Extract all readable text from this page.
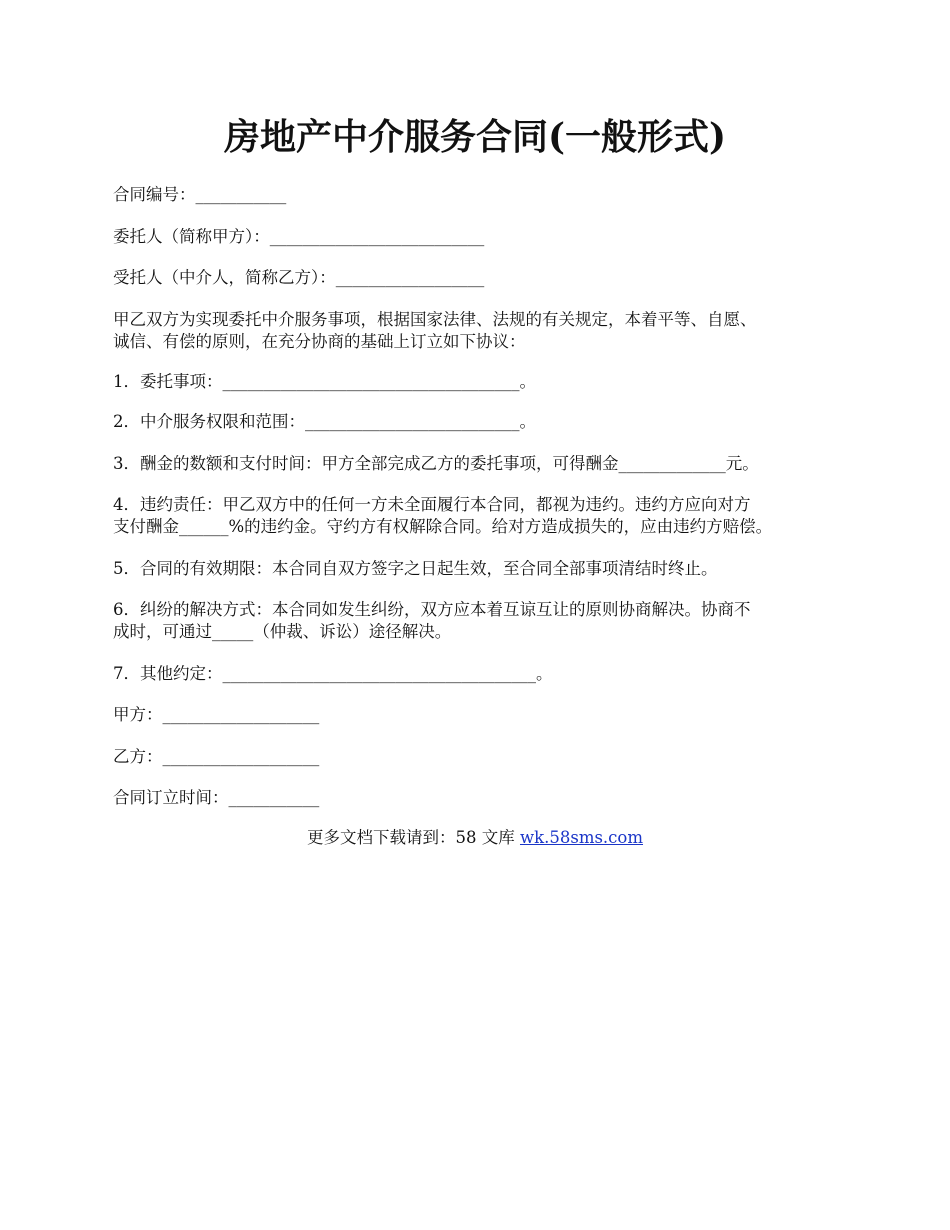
房地产中介服务合同(一般形式)
合同编号：___________
委托人（简称甲方）：__________________________
受托人（中介人，简称乙方）：__________________
甲乙双方为实现委托中介服务事项，根据国家法律、法规的有关规定，本着平等、自愿、
诚信、有偿的原则，在充分协商的基础上订立如下协议：
1．委托事项：____________________________________。
2．中介服务权限和范围：__________________________。
3．酬金的数额和支付时间：甲方全部完成乙方的委托事项，可得酬金_____________元。
4．违约责任：甲乙双方中的任何一方未全面履行本合同，都视为违约。违约方应向对方
支付酬金______%的违约金。守约方有权解除合同。给对方造成损失的，应由违约方赔偿。
5．合同的有效期限：本合同自双方签字之日起生效，至合同全部事项清结时终止。
6．纠纷的解决方式：本合同如发生纠纷，双方应本着互谅互让的原则协商解决。协商不
成时，可通过_____（仲裁、诉讼）途径解决。
7．其他约定：______________________________________。
甲方：___________________
乙方：___________________
合同订立时间：___________
更多文档下载请到：58 文库 wk.58sms.com
